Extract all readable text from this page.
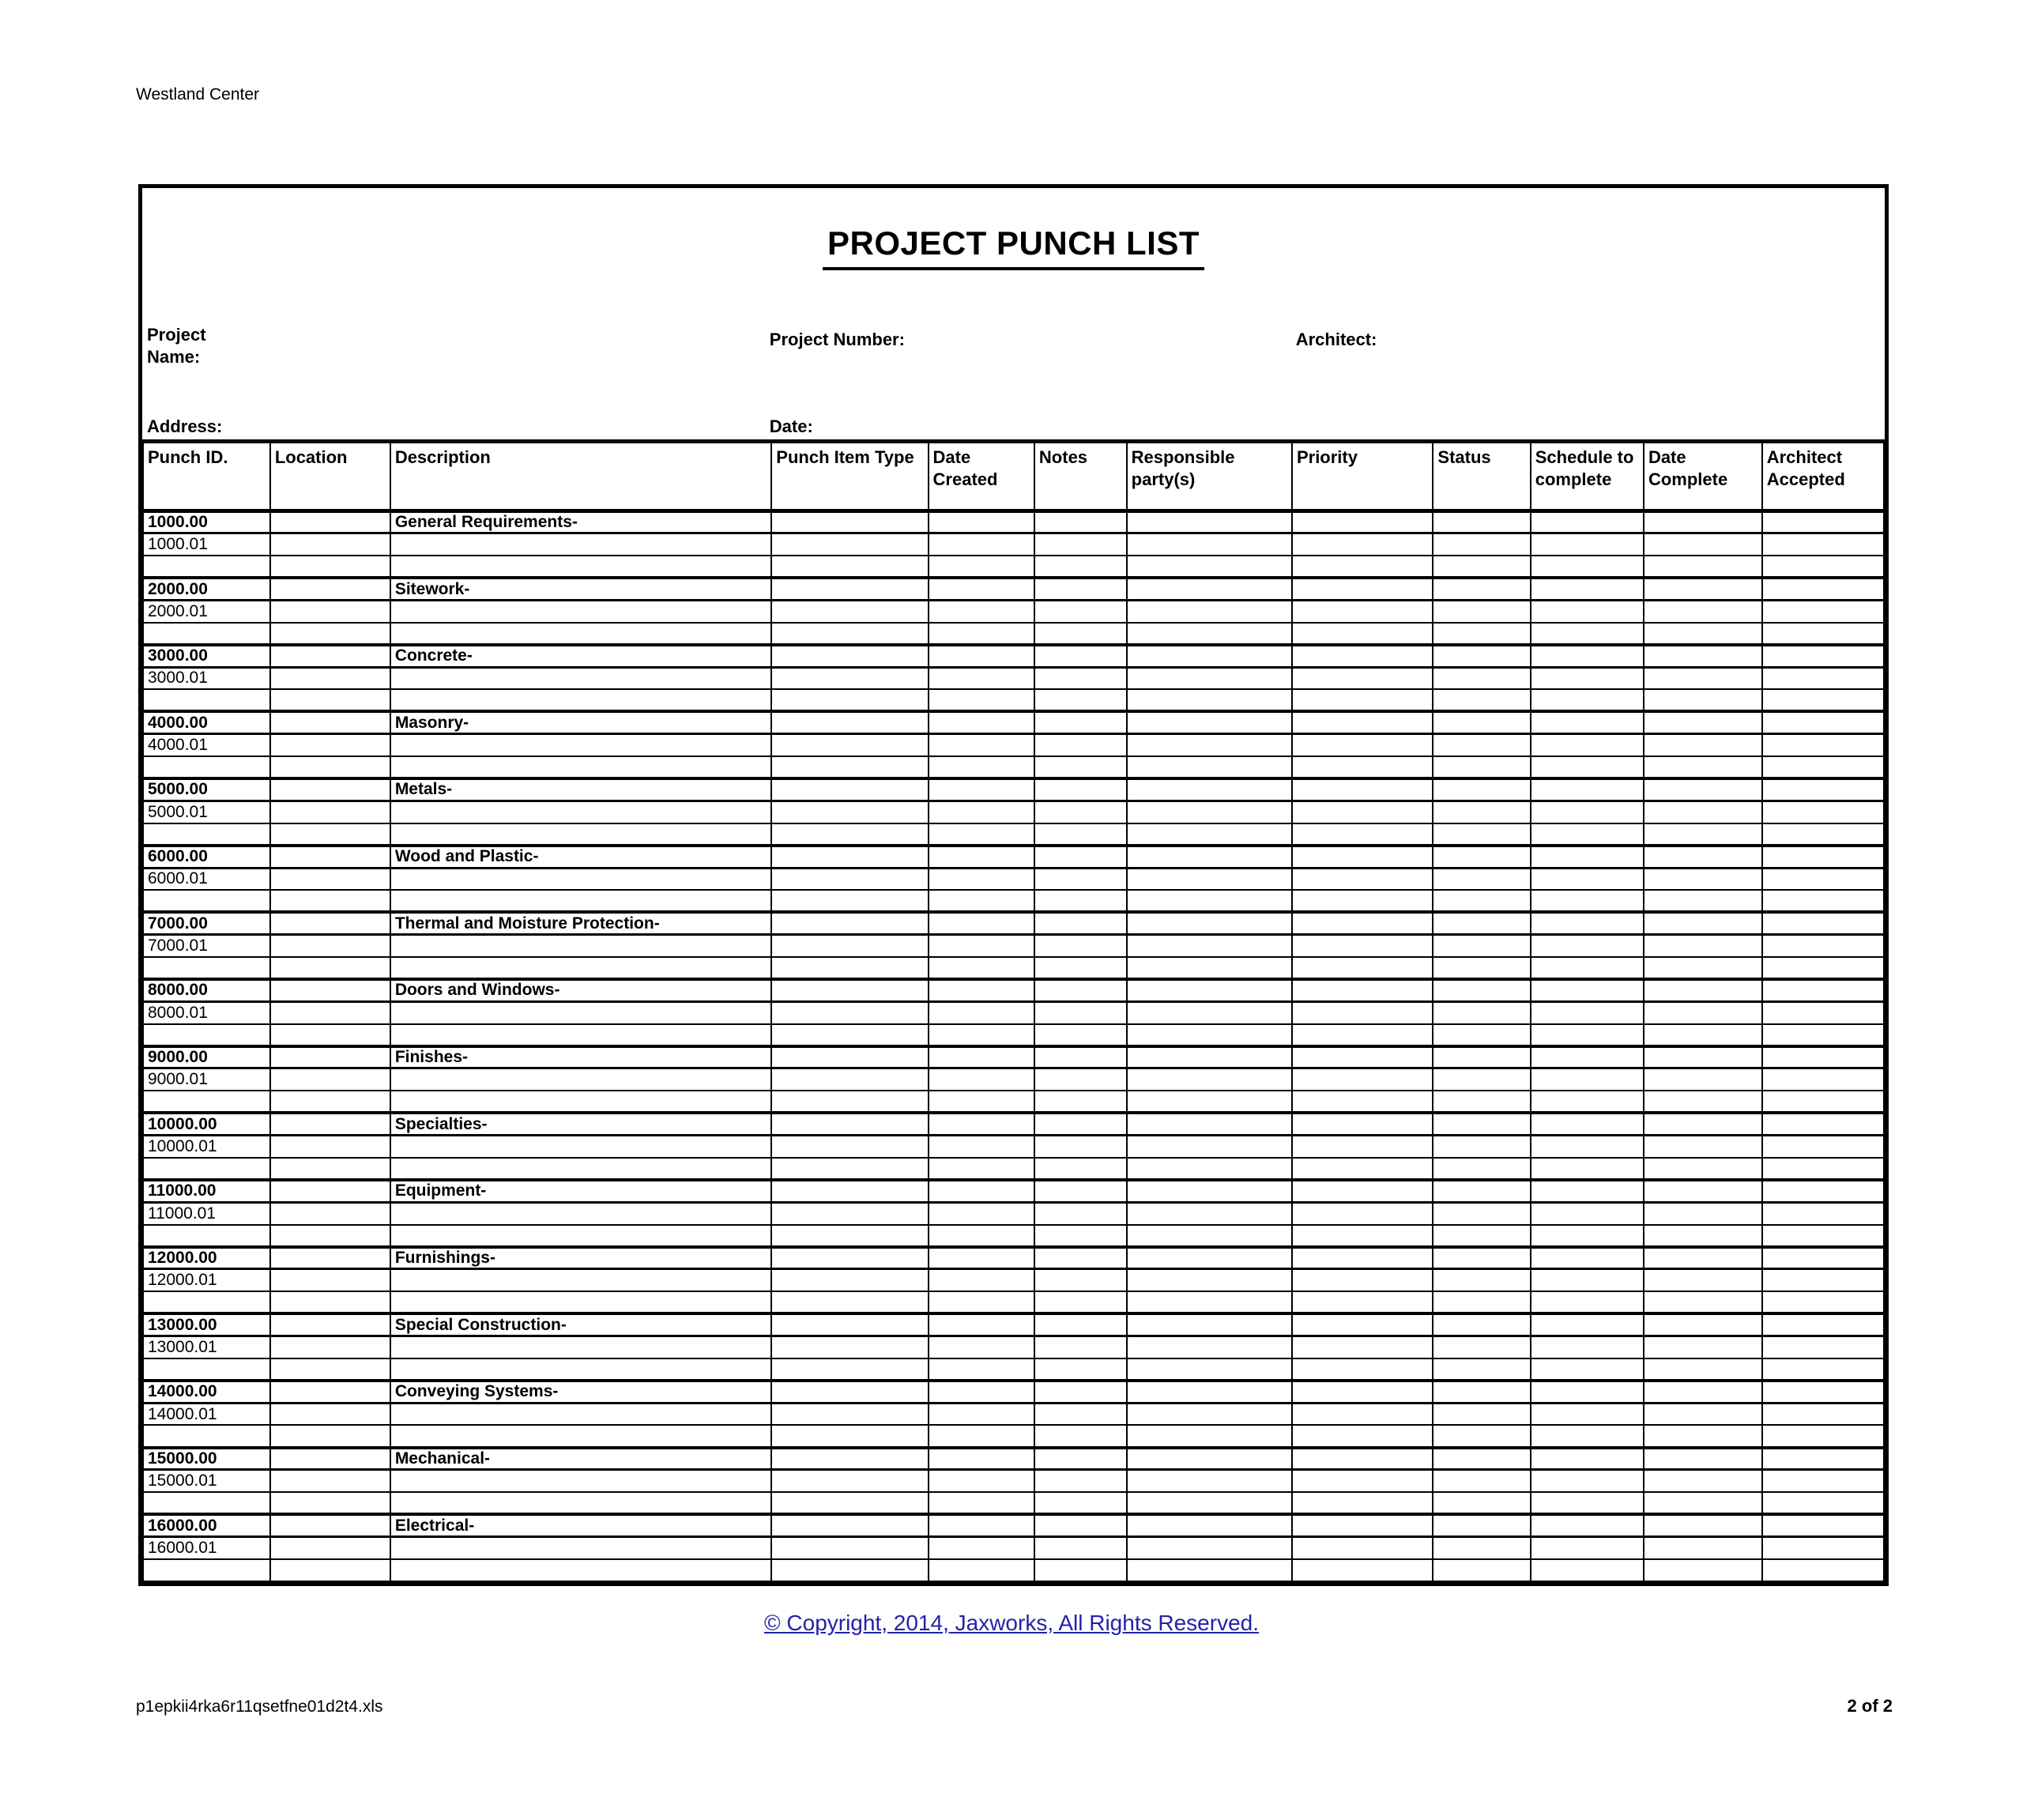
Westland Center
PROJECT PUNCH LIST
Project Name:
Project Number:	Architect:
Address:	Date:
Punch ID.	Location	Description	Punch Item Type	Date Created	Notes	Responsible party(s)	Priority	Status	Schedule to complete	Date Complete	Architect Accepted
1000.00		General Requirements-									
1000.01											

2000.00		Sitework-									
2000.01											

3000.00		Concrete-									
3000.01											

4000.00		Masonry-									
4000.01											

5000.00		Metals-									
5000.01											

6000.00		Wood and Plastic-									
6000.01											

7000.00		Thermal and Moisture Protection-									
7000.01											

8000.00		Doors and Windows-									
8000.01											

9000.00		Finishes-									
9000.01											

10000.00		Specialties-									
10000.01											

11000.00		Equipment-									
11000.01											

12000.00		Furnishings-									
12000.01											

13000.00		Special Construction-									
13000.01											

14000.00		Conveying Systems-									
14000.01											

15000.00		Mechanical-									
15000.01											

16000.00		Electrical-									
16000.01											

© Copyright, 2014, Jaxworks, All Rights Reserved.
p1epkii4rka6r11qsetfne01d2t4.xls	2 of 2
